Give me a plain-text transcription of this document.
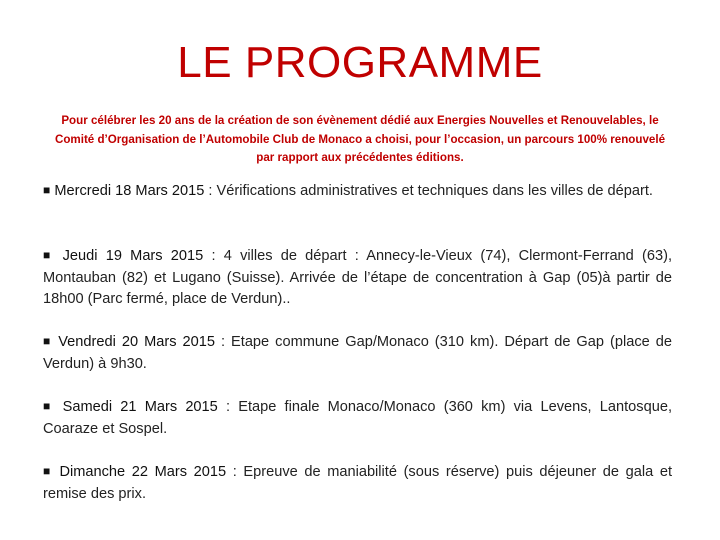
LE PROGRAMME
Pour célébrer les 20 ans de la création de son évènement dédié aux Energies Nouvelles et Renouvelables, le Comité d’Organisation de l’Automobile Club de Monaco a choisi, pour l’occasion, un parcours 100% renouvelé par rapport aux précédentes éditions.

■ Mercredi 18 Mars 2015 : Vérifications administratives et techniques dans les villes de départ.

■ Jeudi 19 Mars 2015 : 4 villes de départ : Annecy-le-Vieux (74), Clermont-Ferrand (63), Montauban (82) et Lugano (Suisse). Arrivée de l’étape de concentration à Gap (05)à partir de 18h00 (Parc fermé, place de Verdun)..

■ Vendredi 20 Mars 2015 : Etape commune Gap/Monaco (310 km). Départ de Gap (place de Verdun) à 9h30.

■ Samedi 21 Mars 2015 : Etape finale Monaco/Monaco (360 km) via Levens, Lantosque, Coaraze et Sospel.

■ Dimanche 22 Mars 2015 : Epreuve de maniabilité (sous réserve) puis déjeuner de gala et remise des prix.
